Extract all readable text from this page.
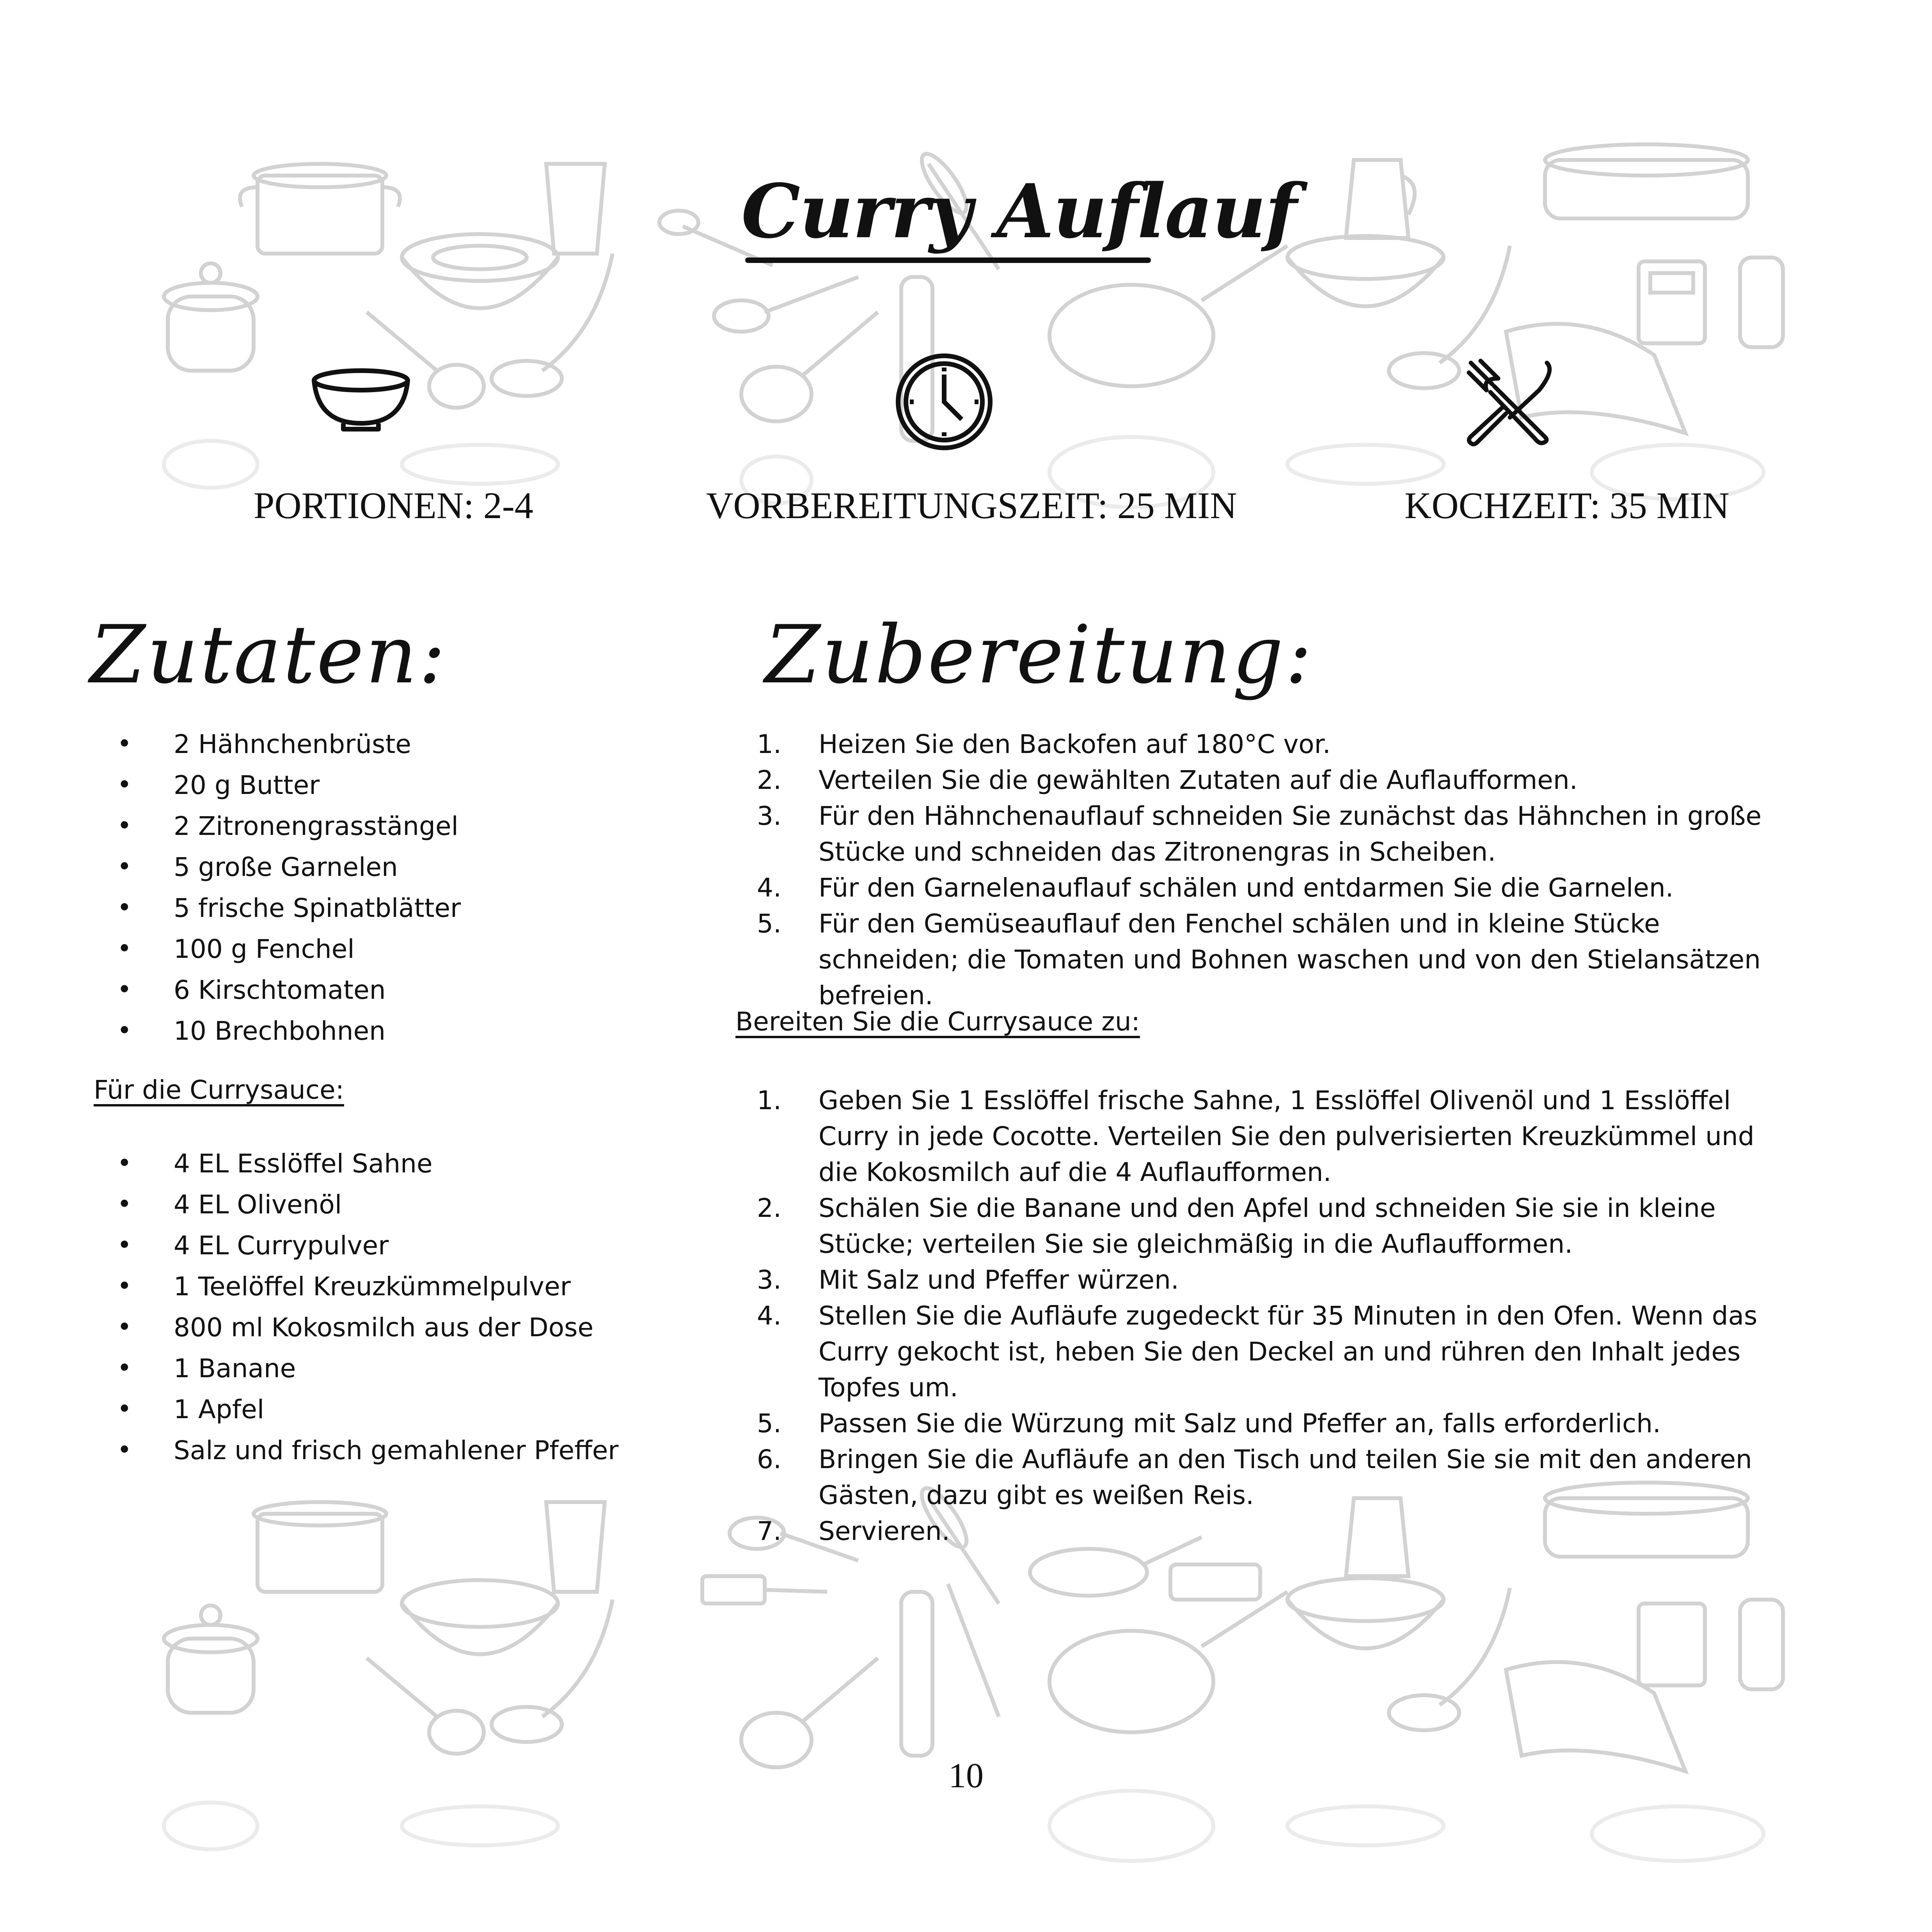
Curry Auflauf
PORTIONEN: 2-4	VORBEREITUNGSZEIT: 25 MIN	KOCHZEIT: 35 MIN
Zutaten:
• 2 Hähnchenbrüste
• 20 g Butter
• 2 Zitronengrasstängel
• 5 große Garnelen
• 5 frische Spinatblätter
• 100 g Fenchel
• 6 Kirschtomaten
• 10 Brechbohnen
Für die Currysauce:
• 4 EL Esslöffel Sahne
• 4 EL Olivenöl
• 4 EL Currypulver
• 1 Teelöffel Kreuzkümmelpulver
• 800 ml Kokosmilch aus der Dose
• 1 Banane
• 1 Apfel
• Salz und frisch gemahlener Pfeffer
Zubereitung:
1.	Heizen Sie den Backofen auf 180°C vor.
2.	Verteilen Sie die gewählten Zutaten auf die Auflaufformen.
3.	Für den Hähnchenauflauf schneiden Sie zunächst das Hähnchen in große Stücke und schneiden das Zitronengras in Scheiben.
4.	Für den Garnelenauflauf schälen und entdarmen Sie die Garnelen.
5.	Für den Gemüseauflauf den Fenchel schälen und in kleine Stücke schneiden; die Tomaten und Bohnen waschen und von den Stielansätzen befreien.
Bereiten Sie die Currysauce zu:
1.	Geben Sie 1 Esslöffel frische Sahne, 1 Esslöffel Olivenöl und 1 Esslöffel Curry in jede Cocotte. Verteilen Sie den pulverisierten Kreuzkümmel und die Kokosmilch auf die 4 Auflaufformen.
2.	Schälen Sie die Banane und den Apfel und schneiden Sie sie in kleine Stücke; verteilen Sie sie gleichmäßig in die Auflaufformen.
3.	Mit Salz und Pfeffer würzen.
4.	Stellen Sie die Aufläufe zugedeckt für 35 Minuten in den Ofen. Wenn das Curry gekocht ist, heben Sie den Deckel an und rühren den Inhalt jedes Topfes um.
5.	Passen Sie die Würzung mit Salz und Pfeffer an, falls erforderlich.
6.	Bringen Sie die Aufläufe an den Tisch und teilen Sie sie mit den anderen Gästen, dazu gibt es weißen Reis.
7.	Servieren.
10
